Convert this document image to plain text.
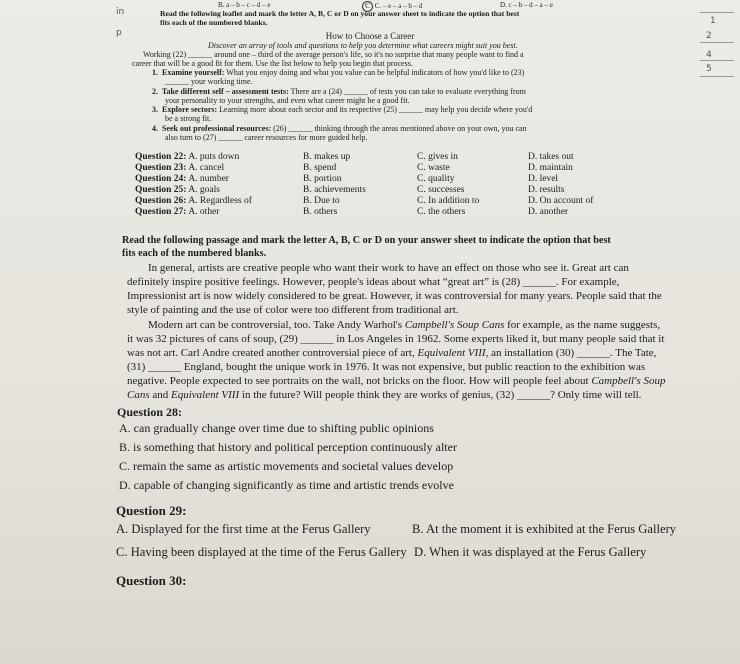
B. a – b – c – d – e	C C. – e – a – b – d	D. c – b – d – a – e
Read the following leaflet and mark the letter A, B, C or D on your answer sheet to indicate the option that best
fits each of the numbered blanks.
How to Choose a Career
Discover an array of tools and questions to help you determine what careers might suit you best.
Working (22) ______ around one – third of the average person's life, so it's no surprise that many people want to find a
career that will be a good fit for them. Use the list below to help you begin that process.
1.  Examine yourself: What you enjoy doing and what you value can be helpful indicators of how you'd like to (23)
______ your working time.
2.  Take different self – assessment tests: There are a (24) ______ of tests you can take to evaluate everything from
your personality to your strengths, and even what career might be a good fit.
3.  Explore sectors: Learning more about each sector and its respective (25) ______ may help you decide where you'd
be a strong fit.
4.  Seek out professional resources: (26) ______ thinking through the areas mentioned above on your own, you can
also turn to (27) ______ career resources for more guided help.
Question 22: A. puts down	B. makes up	C. gives in	D. takes out
Question 23: A. cancel	B. spend	C. waste	D. maintain
Question 24: A. number	B. portion	C. quality	D. level
Question 25: A. goals	B. achievements	C. successes	D. results
Question 26: A. Regardless of	B. Due to	C. In addition to	D. On account of
Question 27: A. other	B. others	C. the others	D. another
Read the following passage and mark the letter A, B, C or D on your answer sheet to indicate the option that best
fits each of the numbered blanks.
In general, artists are creative people who want their work to have an effect on those who see it. Great art can
definitely inspire positive feelings. However, people's ideas about what “great art” is (28) ______. For example,
Impressionist art is now widely considered to be great. However, it was controversial for many years. People said that the
style of painting and the use of color were too different from traditional art.
Modern art can be controversial, too. Take Andy Warhol's Campbell's Soup Cans for example, as the name suggests,
it was 32 pictures of cans of soup, (29) ______ in Los Angeles in 1962. Some experts liked it, but many people said that it
was not art. Carl Andre created another controversial piece of art, Equivalent VIII, an installation (30) ______. The Tate,
(31) ______ England, bought the unique work in 1976. It was not expensive, but public reaction to the exhibition was
negative. People expected to see portraits on the wall, not bricks on the floor. How will people feel about Campbell's Soup
Cans and Equivalent VIII in the future? Will people think they are works of genius, (32) ______? Only time will tell.
Question 28:
A. can gradually change over time due to shifting public opinions
B. is something that history and political perception continuously alter
C. remain the same as artistic movements and societal values develop
D. capable of changing significantly as time and artistic trends evolve
Question 29:
A. Displayed for the first time at the Ferus Gallery	B. At the moment it is exhibited at the Ferus Gallery
C. Having been displayed at the time of the Ferus Gallery D. When it was displayed at the Ferus Gallery
Question 30:
in
p
1
2
4
5
